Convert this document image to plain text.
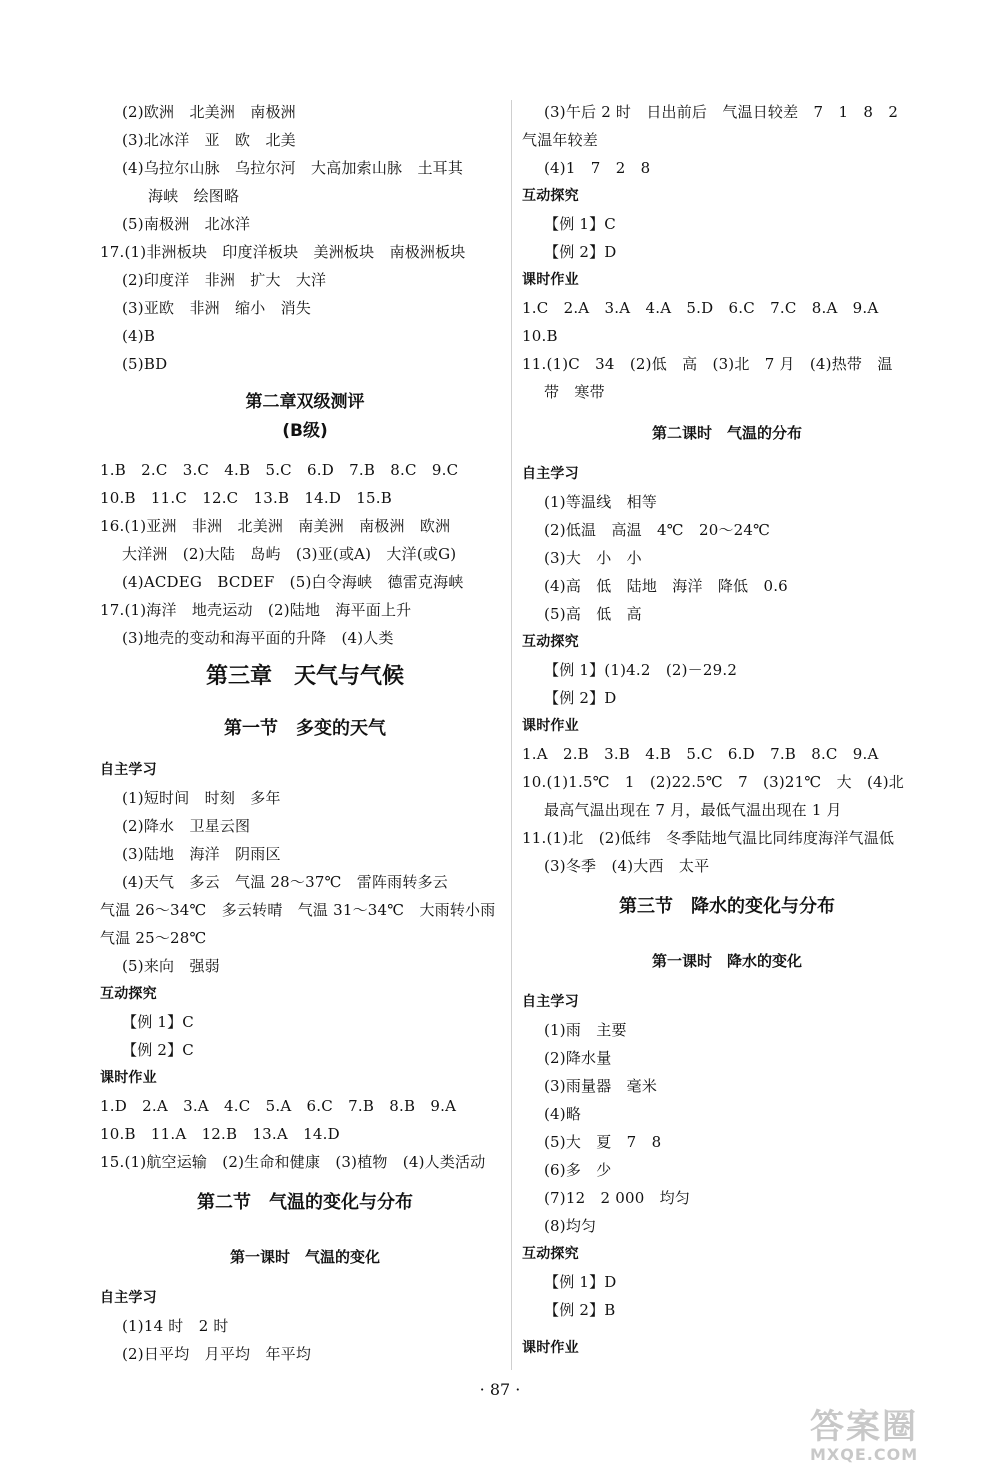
(2)欧洲　北美洲　南极洲
(3)北冰洋　亚　欧　北美
(4)乌拉尔山脉　乌拉尔河　大高加索山脉　土耳其
海峡　绘图略
(5)南极洲　北冰洋
17.(1)非洲板块　印度洋板块　美洲板块　南极洲板块
(2)印度洋　非洲　扩大　大洋
(3)亚欧　非洲　缩小　消失
(4)B
(5)BD
第二章双级测评
(B级)
1.B　2.C　3.C　4.B　5.C　6.D　7.B　8.C　9.C
10.B　11.C　12.C　13.B　14.D　15.B
16.(1)亚洲　非洲　北美洲　南美洲　南极洲　欧洲
大洋洲　(2)大陆　岛屿　(3)亚(或A)　大洋(或G)
(4)ACDEG　BCDEF　(5)白令海峡　德雷克海峡
17.(1)海洋　地壳运动　(2)陆地　海平面上升
(3)地壳的变动和海平面的升降　(4)人类
第三章　天气与气候
第一节　多变的天气
自主学习
(1)短时间　时刻　多年
(2)降水　卫星云图
(3)陆地　海洋　阴雨区
(4)天气　多云　气温 28～37℃　雷阵雨转多云
气温 26～34℃　多云转晴　气温 31～34℃　大雨转小雨
气温 25～28℃
(5)来向　强弱
互动探究
【例 1】C
【例 2】C
课时作业
1.D　2.A　3.A　4.C　5.A　6.C　7.B　8.B　9.A
10.B　11.A　12.B　13.A　14.D
15.(1)航空运输　(2)生命和健康　(3)植物　(4)人类活动
第二节　气温的变化与分布
第一课时　气温的变化
自主学习
(1)14 时　2 时
(2)日平均　月平均　年平均
(3)午后 2 时　日出前后　气温日较差　7　1　8　2
气温年较差
(4)1　7　2　8
互动探究
【例 1】C
【例 2】D
课时作业
1.C　2.A　3.A　4.A　5.D　6.C　7.C　8.A　9.A
10.B
11.(1)C　34　(2)低　高　(3)北　7 月　(4)热带　温
带　寒带
第二课时　气温的分布
自主学习
(1)等温线　相等
(2)低温　高温　4℃　20～24℃
(3)大　小　小
(4)高　低　陆地　海洋　降低　0.6
(5)高　低　高
互动探究
【例 1】(1)4.2　(2)－29.2
【例 2】D
课时作业
1.A　2.B　3.B　4.B　5.C　6.D　7.B　8.C　9.A
10.(1)1.5℃　1　(2)22.5℃　7　(3)21℃　大　(4)北
最高气温出现在 7 月，最低气温出现在 1 月
11.(1)北　(2)低纬　冬季陆地气温比同纬度海洋气温低
(3)冬季　(4)大西　太平
第三节　降水的变化与分布
第一课时　降水的变化
自主学习
(1)雨　主要
(2)降水量
(3)雨量器　毫米
(4)略
(5)大　夏　7　8
(6)多　少
(7)12　2 000　均匀
(8)均匀
互动探究
【例 1】D
【例 2】B
课时作业
· 87 ·
答案圈
MXQE.COM
